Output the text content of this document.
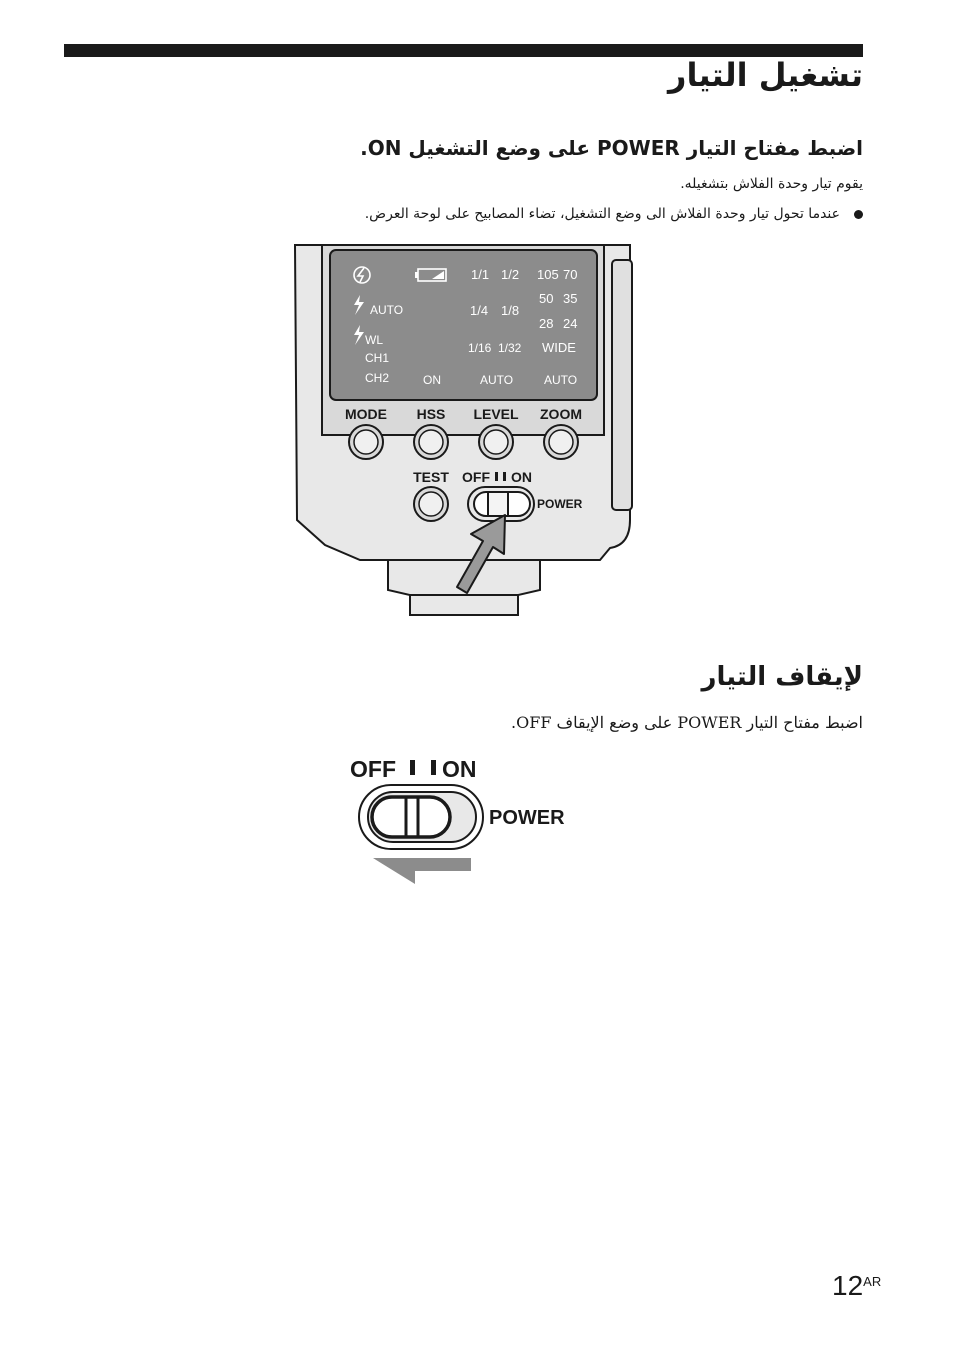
تشغيل التيار
اضبط مفتاح التيار POWER على وضع التشغيل ON.
يقوم تيار وحدة الفلاش بتشغيله.
عندما تحول تيار وحدة الفلاش الى وضع التشغيل، تضاء المصابيح على لوحة العرض.
AUTO
WL
CH1
CH2	ON
1/1 1/2
1/4 1/8
1/16 1/32
AUTO
105 70
50 35
28 24
WIDE
AUTO
MODE HSS LEVEL ZOOM
TEST OFF ON
POWER
OFF ON
POWER
لإيقاف التيار
اضبط مفتاح التيار POWER على وضع الإيقاف OFF.
$12^{AR}$
